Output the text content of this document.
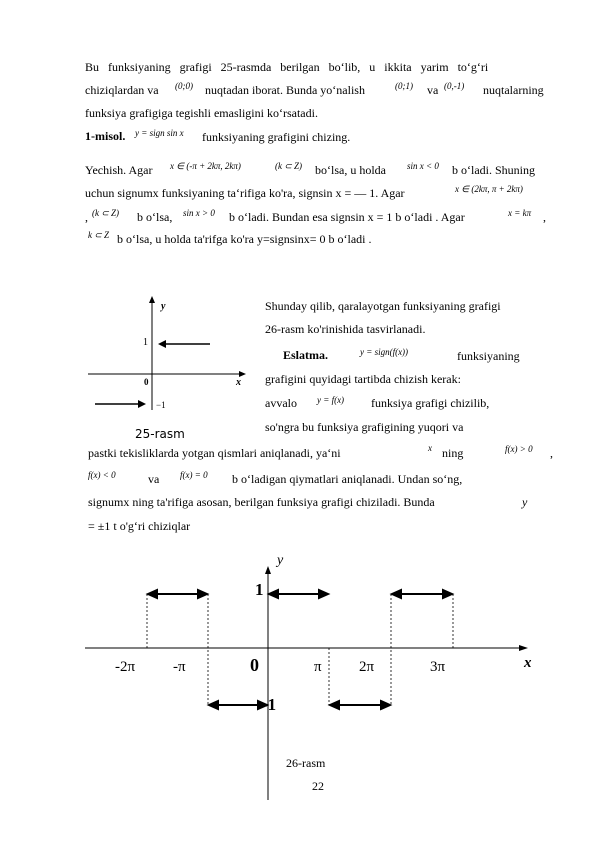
Bu   funksiyaning   grafigi   25-rasmda   berilgan   bo‘lib,   u   ikkita   yarim   to‘g‘ri
chiziqlardan va (0;0) nuqtadan iborat. Bunda yo‘nalish	(0;1) va (0,-1) nuqtalarning
funksiya grafigiga tegishli emasligini ko‘rsatadi.
1-misol. y = sign sin x funksiyaning grafigini chizing.
Yechish. Agar x ∈ (-π + 2kπ, 2kπ)	(k ⊂ Z) bo‘lsa, u holda sin x < 0 b o‘ladi. Shuning
uchun signumx funksiyaning ta‘rifiga ko'ra, signsin x = — 1. Agar	x ∈ (2kπ, π + 2kπ)
, (k ⊂ Z) b o‘lsa, sin x > 0 b o‘ladi. Bundan esa signsin x = 1 b o‘ladi . Agar	x = kπ ,
k ⊂ Z b o‘lsa, u holda ta'rifga ko'ra y=signsinx= 0 b o‘ladi .
Shunday qilib, qaralayotgan funksiyaning grafigi
26-rasm ko'rinishida tasvirlanadi.
Eslatma.	y = sign(f(x))	funksiyaning
grafigini quyidagi tartibda chizish kerak:
avvalo y = f(x) funksiya grafigi chizilib,
so'ngra bu funksiya grafigining yuqori va
pastki tekisliklarda yotgan qismlari aniqlanadi, ya‘ni	x ning	f(x) > 0 ,
f(x) < 0	va f(x) = 0 b o‘ladigan qiymatlari aniqlanadi. Undan so‘ng,
signumx ning ta'rifiga asosan, berilgan funksiya grafigi chiziladi. Bunda	y
= ±1 t o'g‘ri chiziqlar
y
x
1
0
−1
25-rasm
y
x
1
0
-1
-2π	-π	π 2π	3π
26-rasm
22
